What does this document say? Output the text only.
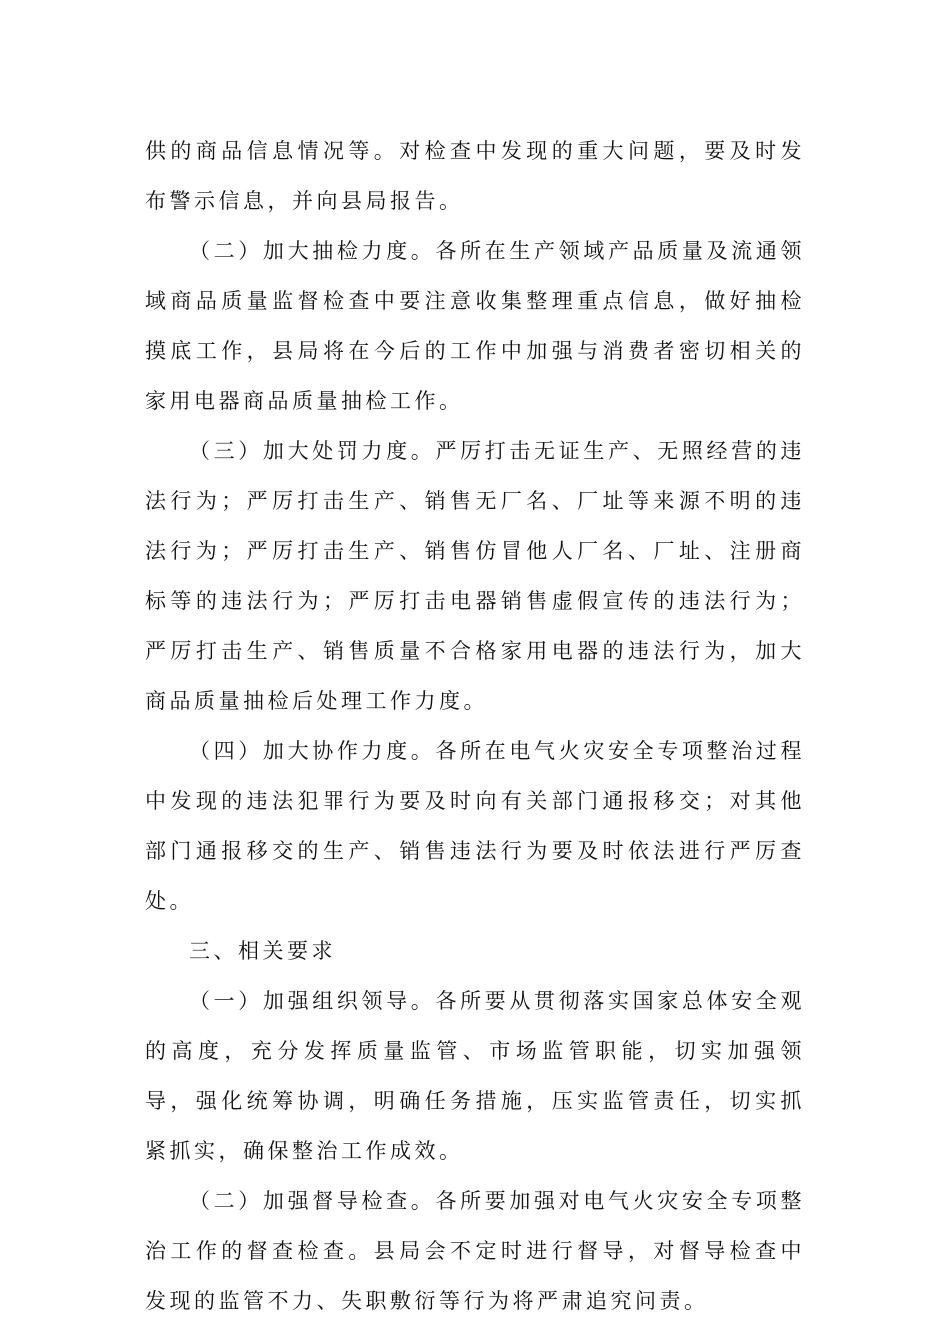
供的商品信息情况等。对检查中发现的重大问题，要及时发布警示信息，并向县局报告。

（二）加大抽检力度。各所在生产领域产品质量及流通领域商品质量监督检查中要注意收集整理重点信息，做好抽检摸底工作，县局将在今后的工作中加强与消费者密切相关的家用电器商品质量抽检工作。

（三）加大处罚力度。严厉打击无证生产、无照经营的违法行为；严厉打击生产、销售无厂名、厂址等来源不明的违法行为；严厉打击生产、销售仿冒他人厂名、厂址、注册商标等的违法行为；严厉打击电器销售虚假宣传的违法行为；严厉打击生产、销售质量不合格家用电器的违法行为，加大商品质量抽检后处理工作力度。

（四）加大协作力度。各所在电气火灾安全专项整治过程中发现的违法犯罪行为要及时向有关部门通报移交；对其他部门通报移交的生产、销售违法行为要及时依法进行严厉查处。

三、相关要求

（一）加强组织领导。各所要从贯彻落实国家总体安全观的高度，充分发挥质量监管、市场监管职能，切实加强领导，强化统筹协调，明确任务措施，压实监管责任，切实抓紧抓实，确保整治工作成效。

（二）加强督导检查。各所要加强对电气火灾安全专项整治工作的督查检查。县局会不定时进行督导，对督导检查中发现的监管不力、失职敷衍等行为将严肃追究问责。
